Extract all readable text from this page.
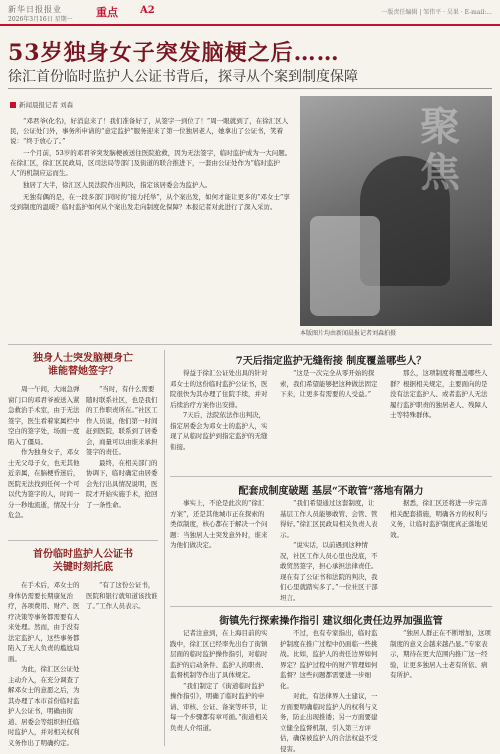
新华日报报业
2026年3月16日 星期一
重点 A2	一版责任编辑 | 邹伟平 · 吴果 · E-mail:...
53岁独身女子突发脑梗之后……
徐汇首份临时监护人公证书背后，探寻从个案到制度保障
新闻晨报记者 刘森

“邓君爷(化名)，好消息来了！我们准备好了，从签字一到位了！”周一眼就到了，在徐汇区人民，公证处门外，事务所申请的“意定监护”服务迎来了第一位独居老人，她拿出了公证书，笑着说：“终于放心了。”

一个月前，53岁的邓君爷突发脑梗被送往医院抢救，因为无法签字，临时监护成为一大问题。在徐汇区，徐汇区民政局，区司法局等部门及街道的联合推进下，一套由公证处作为“临时监护人”的机制应运而生。

独居了大半，徐汇区人民法院作出判决，指定该居委会为监护人。

无独有偶的是，在一段多部门同时的“接力托举”，从个案出发，如何才能让更多的“邓女士”享受到制度的温暖？临时监护如何从个案出发走向制度化保障？本报记者对此进行了深入采访。

聚焦
本版图片均由新闻晨报记者刘森拍摄
独身人士突发脑梗身亡
谁能替她签字？

周一午间，大雨急弹窗门口的邓君爷被送入紧急救治手术室，由于无法签字，医生看着家属栏中空白的签字处，场面一度陷入了僵局。

作为独身女子，邓女士无父母子女，也无其他近亲属，在脑梗昏迷后，医院无法找到任何一个可以代为签字的人，时间一分一秒地流逝，情况十分危急。

“当时，有什么需要随时联系社区，也是我们的工作职责所在。”社区工作人员说，他们第一时间赶到医院，联系到了居委会，商量可以由谁来承担签字的责任。

最终，在相关部门的协调下，临时确定由居委会先行出具情况说明，医院才开始实施手术，抢回了一条性命。

首份临时监护人公证书
关键时刻托底

在手术后，邓女士的身体仍需要长期康复治疗，各项费用、财产、医疗决策等事务都需要有人来处理。然而，由于没有法定监护人，这些事务都陷入了无人负责的尴尬局面。

为此，徐汇区公证处主动介入，在充分调查了解邓女士的意愿之后，为其办理了本市首份临时监护人公证书，明确由街道、居委会等组织担任临时监护人，并对相关权利义务作出了明确约定。

“有了这份公证书，医院和银行就知道该找谁了。”工作人员表示。

7天后指定监护无缝衔接 制度覆盖哪些人？

得益于徐汇公证处出具的针对邓女士的这份临时监护公证书，医院很快为其办理了住院手续，并对后续治疗方案作出安排。

7天后，法院依法作出判决，指定居委会为邓女士的监护人，实现了从临时监护到指定监护的无缝衔接。

“这是一次完全从零开始的探索，我们希望能够把这种做法固定下来，让更多有需要的人受益。”

那么，这项制度将覆盖哪些人群？根据相关规定，主要面向的是没有法定监护人、或者监护人无法履行监护职责的独居老人、残障人士等特殊群体。

配套成制度破题 基层“不敢管”落地有隔力

事实上，不论是此次的“徐汇方案”，还是其他城市正在探索的类似制度，核心都在于解决一个问题：当独居人士突发意外时，谁来为他们做决定。

“我们希望通过这套制度，让基层工作人员能够敢管、会管、管得好。”徐汇区民政局相关负责人表示。

“说实话，以前遇到这种情况，社区工作人员心里也没底，不敢贸然签字，担心承担法律责任。现在有了公证书和法院的判决，我们心里就踏实多了。”一位社区干部坦言。

据悉，徐汇区还将进一步完善相关配套措施，明确各方的权利与义务，让临时监护制度真正落地见效。

街镇先行探索操作指引 建议细化责任边界加强监管

记者注意到，在上海目前的实践中，徐汇区已经率先出台了街镇层面的临时监护操作指引，对临时监护的启动条件、监护人的职责、监督机制等作出了具体规定。

“我们制定了《街道临时监护操作指引》，明确了临时监护的申请、审核、公证、备案等环节，让每一个步骤都有章可循。”街道相关负责人介绍道。

不过，也有专家指出，临时监护制度在推广过程中仍面临一些挑战。比如，监护人的责任边界如何界定？监护过程中的财产管理如何监督？这些问题都需要进一步细化。

对此，有法律界人士建议，一方面要明确临时监护人的权利与义务，防止出现推诿；另一方面要建立健全监督机制，引入第三方评估，确保被监护人的合法权益不受侵害。

“独居人群正在不断增加，这项制度的意义会越来越凸显。”专家表示，期待在更大范围内推广这一经验，让更多独居人士老有所依、病有所护。
